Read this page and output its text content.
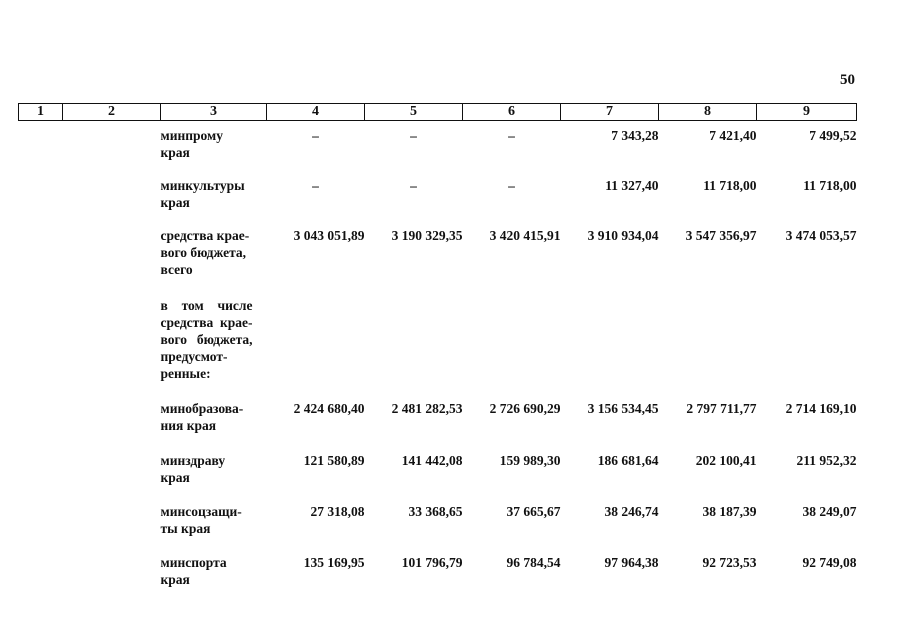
50
1	2	3	4	5	6	7	8	9

		минпрому края	–	–	–	7 343,28	7 421,40	7 499,52

		минкультуры края	–	–	–	11 327,40	11 718,00	11 718,00

		средства крае-вого бюджета, всего	3 043 051,89	3 190 329,35	3 420 415,91	3 910 934,04	3 547 356,97	3 474 053,57

		в том числе средства крае-вого бюджета, предусмот-ренные:						

		минобразова-ния края	2 424 680,40	2 481 282,53	2 726 690,29	3 156 534,45	2 797 711,77	2 714 169,10

		минздраву края	121 580,89	141 442,08	159 989,30	186 681,64	202 100,41	211 952,32

		минсоцзащи-ты края	27 318,08	33 368,65	37 665,67	38 246,74	38 187,39	38 249,07

		минспорта края	135 169,95	101 796,79	96 784,54	97 964,38	92 723,53	92 749,08
